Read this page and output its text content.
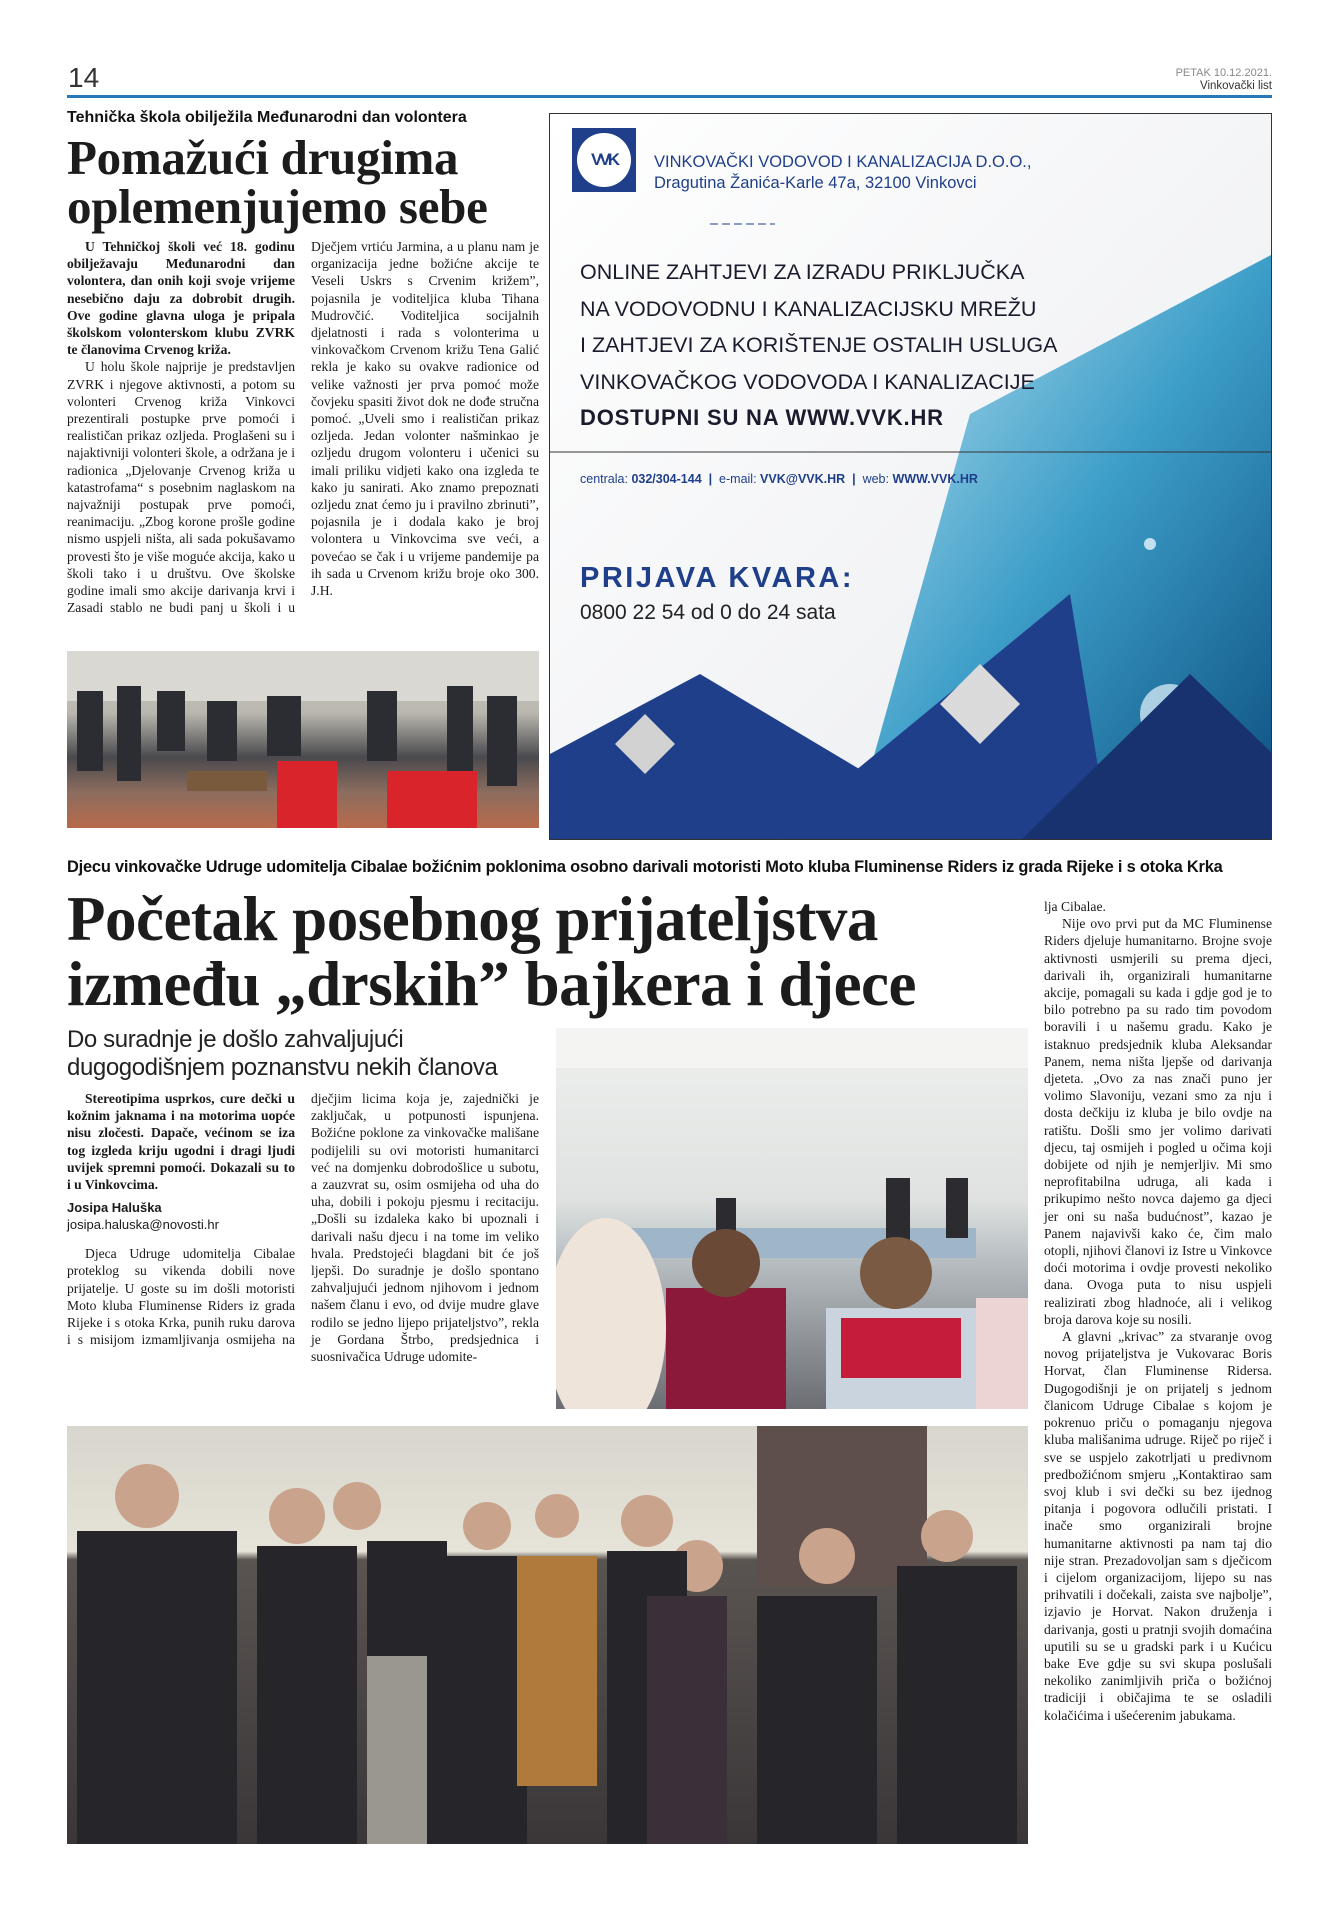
14	PETAK 10.12.2021.
Vinkovački list
Tehnička škola obilježila Međunarodni dan volontera
Pomažući drugima
oplemenjujemo sebe

U Tehničkoj školi već 18. godinu obilježavaju Međunarodni dan volontera, dan onih koji svoje vrijeme nesebično daju za dobrobit drugih. Ove godine glavna uloga je pripala školskom volonterskom klubu ZVRK te članovima Crvenog križa.

U holu škole najprije je predstavljen ZVRK i njegove aktivnosti, a potom su volonteri Crvenog križa Vinkovci prezentirali postupke prve pomoći i realističan prikaz ozljeda. Proglašeni su i najaktivniji volonteri škole, a održana je i radionica „Djelovanje Crvenog križa u katastrofama“ s posebnim naglaskom na najvažniji postupak prve pomoći, reanimaciju. „Zbog korone prošle godine nismo uspjeli ništa, ali sada pokušavamo provesti što je više moguće akcija, kako u školi tako i u društvu. Ove školske godine imali smo akcije darivanja krvi i Zasadi stablo ne budi panj u školi i u Dječjem vrtiću Jarmina, a u planu nam je organizacija jedne božićne akcije te Veseli Uskrs s Crvenim križem”, pojasnila je voditeljica kluba Tihana Mudrovčić. Voditeljica socijalnih djelatnosti i rada s volonterima u vinkovačkom Crvenom križu Tena Galić rekla je kako su ovakve radionice od velike važnosti jer prva pomoć može čovjeku spasiti život dok ne dođe stručna pomoć. „Uveli smo i realističan prikaz ozljeda. Jedan volonter našminkao je ozljedu drugom volonteru i učenici su imali priliku vidjeti kako ona izgleda te kako ju sanirati. Ako znamo prepoznati ozljedu znat ćemo ju i pravilno zbrinuti”, pojasnila je i dodala kako je broj volontera u Vinkovcima sve veći, a povećao se čak i u vrijeme pandemije pa ih sada u Crvenom križu broje oko 300. J.H.

VVK	VINKOVAČKI VODOVOD I KANALIZACIJA D.O.O.,
Dragutina Žanića-Karle 47a, 32100 Vinkovci
ONLINE ZAHTJEVI ZA IZRADU PRIKLJUČKA
NA VODOVODNU I KANALIZACIJSKU MREŽU
I ZAHTJEVI ZA KORIŠTENJE OSTALIH USLUGA
VINKOVAČKOG VODOVODA I KANALIZACIJE
DOSTUPNI SU NA WWW.VVK.HR
centrala: 032/304-144 | e-mail: VVK@VVK.HR | web: WWW.VVK.HR
PRIJAVA KVARA:
0800 22 54 od 0 do 24 sata
Djecu vinkovačke Udruge udomitelja Cibalae božićnim poklonima osobno darivali motoristi Moto kluba Fluminense Riders iz grada Rijeke i s otoka Krka
Početak posebnog prijateljstva
između „drskih” bajkera i djece
Do suradnje je došlo zahvaljujući
dugogodišnjem poznanstvu nekih članova

Stereotipima usprkos, cure dečki u kožnim jaknama i na motorima uopće nisu zločesti. Dapače, većinom se iza tog izgleda kriju ugodni i dragi ljudi uvijek spremni pomoći. Dokazali su to i u Vinkovcima.

Josipa Haluška
josipa.haluska@novosti.hr

Djeca Udruge udomitelja Cibalae proteklog su vikenda dobili nove prijatelje. U goste su im došli motoristi Moto kluba Fluminense Riders iz grada Rijeke i s otoka Krka, punih ruku darova i s misijom izmamljivanja osmijeha na dječjim licima koja je, zajednički je zaključak, u potpunosti ispunjena. Božićne poklone za vinkovačke mališane podijelili su ovi motoristi humanitarci već na domjenku dobrodošlice u subotu, a zauzvrat su, osim osmijeha od uha do uha, dobili i pokoju pjesmu i recitaciju. „Došli su izdaleka kako bi upoznali i darivali našu djecu i na tome im veliko hvala. Predstojeći blagdani bit će još ljepši. Do suradnje je došlo spontano zahvaljujući jednom njihovom i jednom našem članu i evo, od dvije mudre glave rodilo se jedno lijepo prijateljstvo”, rekla je Gordana Štrbo, predsjednica i suosnivačica Udruge udomite-

lja Cibalae.

Nije ovo prvi put da MC Fluminense Riders djeluje humanitarno. Brojne svoje aktivnosti usmjerili su prema djeci, darivali ih, organizirali humanitarne akcije, pomagali su kada i gdje god je to bilo potrebno pa su rado tim povodom boravili i u našemu gradu. Kako je istaknuo predsjednik kluba Aleksandar Panem, nema ništa ljepše od darivanja djeteta. „Ovo za nas znači puno jer volimo Slavoniju, vezani smo za nju i dosta dečkiju iz kluba je bilo ovdje na ratištu. Došli smo jer volimo darivati djecu, taj osmijeh i pogled u očima koji dobijete od njih je nemjerljiv. Mi smo neprofitabilna udruga, ali kada i prikupimo nešto novca dajemo ga djeci jer oni su naša budućnost”, kazao je Panem najavivši kako će, čim malo otopli, njihovi članovi iz Istre u Vinkovce doći motorima i ovdje provesti nekoliko dana. Ovoga puta to nisu uspjeli realizirati zbog hladnoće, ali i velikog broja darova koje su nosili.

A glavni „krivac” za stvaranje ovog novog prijateljstva je Vukovarac Boris Horvat, član Fluminense Ridersa. Dugogodišnji je on prijatelj s jednom članicom Udruge Cibalae s kojom je pokrenuo priču o pomaganju njegova kluba mališanima udruge. Riječ po riječ i sve se uspjelo zakotrljati u predivnom predbožićnom smjeru „Kontaktirao sam svoj klub i svi dečki su bez ijednog pitanja i pogovora odlučili pristati. I inače smo organizirali brojne humanitarne aktivnosti pa nam taj dio nije stran. Prezadovoljan sam s dječicom i cijelom organizacijom, lijepo su nas prihvatili i dočekali, zaista sve najbolje”, izjavio je Horvat. Nakon druženja i darivanja, gosti u pratnji svojih domaćina uputili su se u gradski park i u Kućicu bake Eve gdje su svi skupa poslušali nekoliko zanimljivih priča o božićnoj tradiciji i običajima te se osladili kolačićima i ušećerenim jabukama.
